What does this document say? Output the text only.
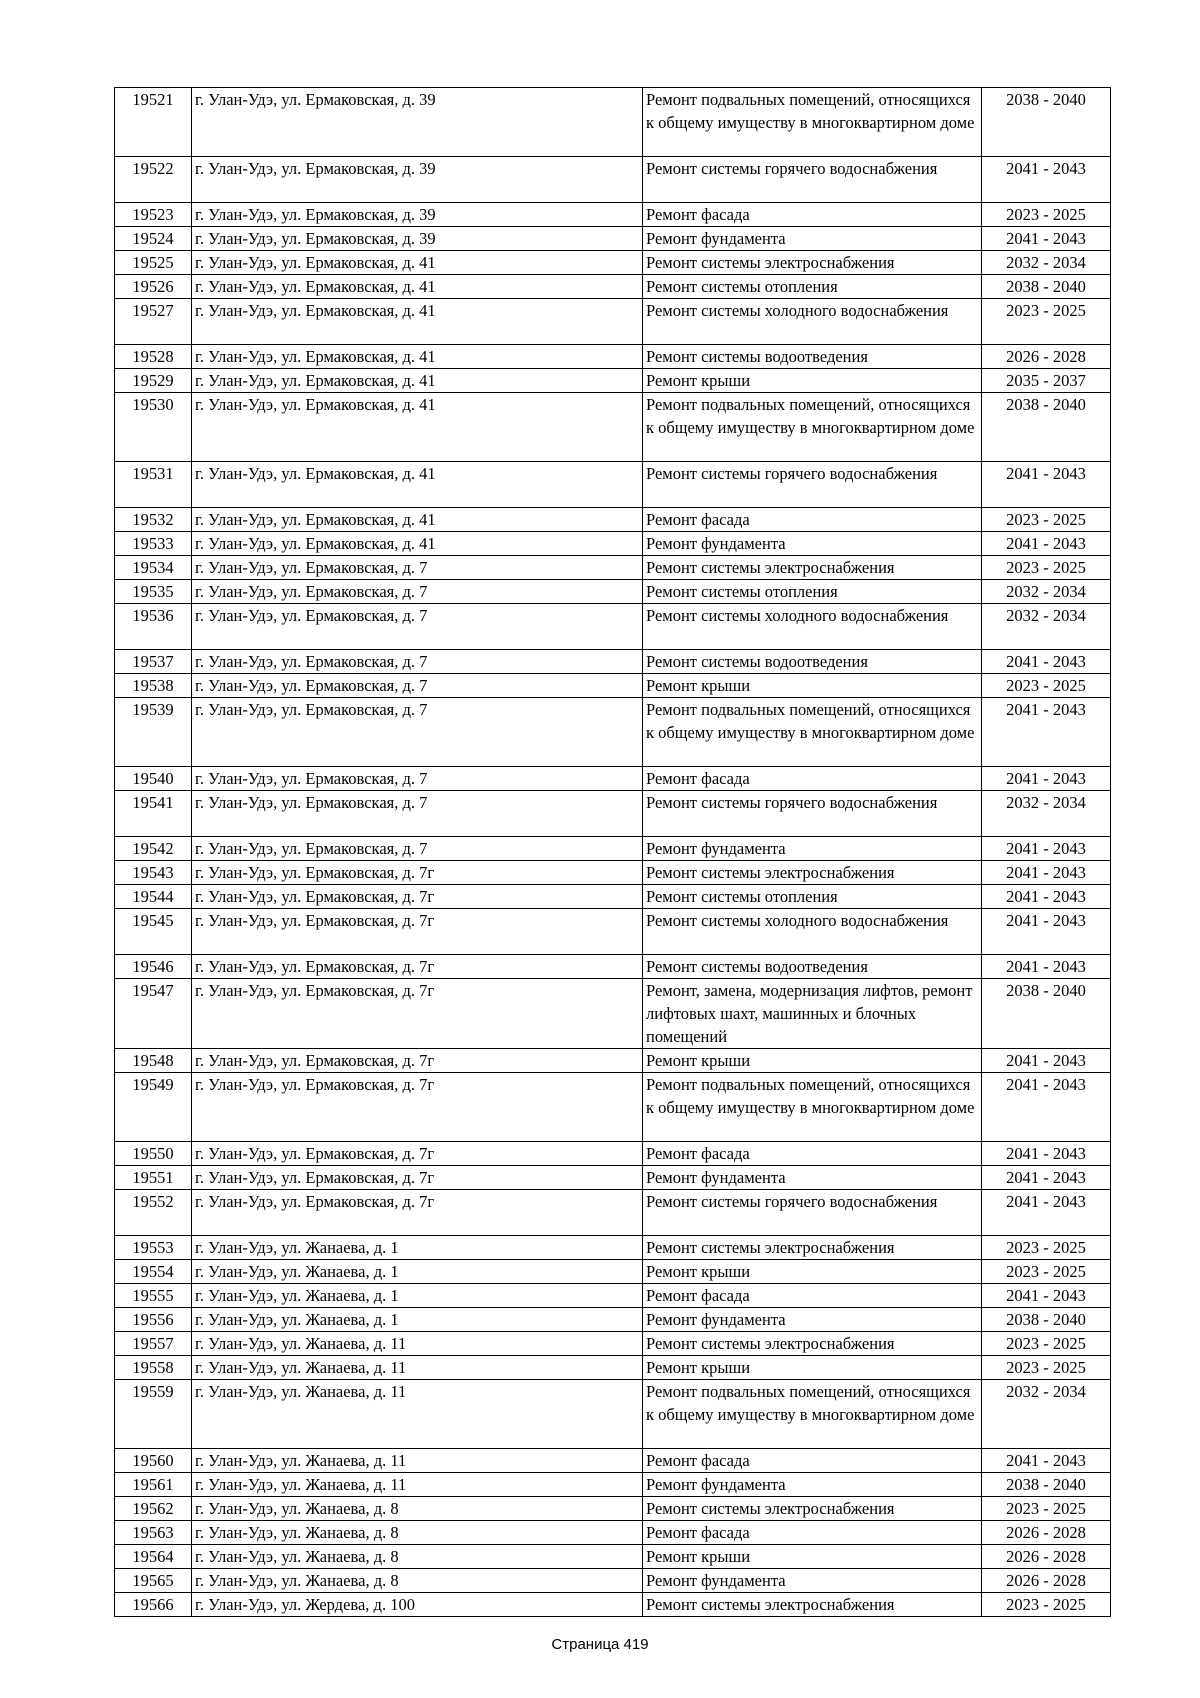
19521	г. Улан-Удэ, ул. Ермаковская, д. 39	Ремонт подвальных помещений, относящихся к общему имуществу в многоквартирном доме	2038 - 2040
19522	г. Улан-Удэ, ул. Ермаковская, д. 39	Ремонт системы горячего водоснабжения	2041 - 2043
19523	г. Улан-Удэ, ул. Ермаковская, д. 39	Ремонт фасада	2023 - 2025
19524	г. Улан-Удэ, ул. Ермаковская, д. 39	Ремонт фундамента	2041 - 2043
19525	г. Улан-Удэ, ул. Ермаковская, д. 41	Ремонт системы электроснабжения	2032 - 2034
19526	г. Улан-Удэ, ул. Ермаковская, д. 41	Ремонт системы отопления	2038 - 2040
19527	г. Улан-Удэ, ул. Ермаковская, д. 41	Ремонт системы холодного водоснабжения	2023 - 2025
19528	г. Улан-Удэ, ул. Ермаковская, д. 41	Ремонт системы водоотведения	2026 - 2028
19529	г. Улан-Удэ, ул. Ермаковская, д. 41	Ремонт крыши	2035 - 2037
19530	г. Улан-Удэ, ул. Ермаковская, д. 41	Ремонт подвальных помещений, относящихся к общему имуществу в многоквартирном доме	2038 - 2040
19531	г. Улан-Удэ, ул. Ермаковская, д. 41	Ремонт системы горячего водоснабжения	2041 - 2043
19532	г. Улан-Удэ, ул. Ермаковская, д. 41	Ремонт фасада	2023 - 2025
19533	г. Улан-Удэ, ул. Ермаковская, д. 41	Ремонт фундамента	2041 - 2043
19534	г. Улан-Удэ, ул. Ермаковская, д. 7	Ремонт системы электроснабжения	2023 - 2025
19535	г. Улан-Удэ, ул. Ермаковская, д. 7	Ремонт системы отопления	2032 - 2034
19536	г. Улан-Удэ, ул. Ермаковская, д. 7	Ремонт системы холодного водоснабжения	2032 - 2034
19537	г. Улан-Удэ, ул. Ермаковская, д. 7	Ремонт системы водоотведения	2041 - 2043
19538	г. Улан-Удэ, ул. Ермаковская, д. 7	Ремонт крыши	2023 - 2025
19539	г. Улан-Удэ, ул. Ермаковская, д. 7	Ремонт подвальных помещений, относящихся к общему имуществу в многоквартирном доме	2041 - 2043
19540	г. Улан-Удэ, ул. Ермаковская, д. 7	Ремонт фасада	2041 - 2043
19541	г. Улан-Удэ, ул. Ермаковская, д. 7	Ремонт системы горячего водоснабжения	2032 - 2034
19542	г. Улан-Удэ, ул. Ермаковская, д. 7	Ремонт фундамента	2041 - 2043
19543	г. Улан-Удэ, ул. Ермаковская, д. 7г	Ремонт системы электроснабжения	2041 - 2043
19544	г. Улан-Удэ, ул. Ермаковская, д. 7г	Ремонт системы отопления	2041 - 2043
19545	г. Улан-Удэ, ул. Ермаковская, д. 7г	Ремонт системы холодного водоснабжения	2041 - 2043
19546	г. Улан-Удэ, ул. Ермаковская, д. 7г	Ремонт системы водоотведения	2041 - 2043
19547	г. Улан-Удэ, ул. Ермаковская, д. 7г	Ремонт, замена, модернизация лифтов, ремонт лифтовых шахт, машинных и блочных помещений	2038 - 2040
19548	г. Улан-Удэ, ул. Ермаковская, д. 7г	Ремонт крыши	2041 - 2043
19549	г. Улан-Удэ, ул. Ермаковская, д. 7г	Ремонт подвальных помещений, относящихся к общему имуществу в многоквартирном доме	2041 - 2043
19550	г. Улан-Удэ, ул. Ермаковская, д. 7г	Ремонт фасада	2041 - 2043
19551	г. Улан-Удэ, ул. Ермаковская, д. 7г	Ремонт фундамента	2041 - 2043
19552	г. Улан-Удэ, ул. Ермаковская, д. 7г	Ремонт системы горячего водоснабжения	2041 - 2043
19553	г. Улан-Удэ, ул. Жанаева, д. 1	Ремонт системы электроснабжения	2023 - 2025
19554	г. Улан-Удэ, ул. Жанаева, д. 1	Ремонт крыши	2023 - 2025
19555	г. Улан-Удэ, ул. Жанаева, д. 1	Ремонт фасада	2041 - 2043
19556	г. Улан-Удэ, ул. Жанаева, д. 1	Ремонт фундамента	2038 - 2040
19557	г. Улан-Удэ, ул. Жанаева, д. 11	Ремонт системы электроснабжения	2023 - 2025
19558	г. Улан-Удэ, ул. Жанаева, д. 11	Ремонт крыши	2023 - 2025
19559	г. Улан-Удэ, ул. Жанаева, д. 11	Ремонт подвальных помещений, относящихся к общему имуществу в многоквартирном доме	2032 - 2034
19560	г. Улан-Удэ, ул. Жанаева, д. 11	Ремонт фасада	2041 - 2043
19561	г. Улан-Удэ, ул. Жанаева, д. 11	Ремонт фундамента	2038 - 2040
19562	г. Улан-Удэ, ул. Жанаева, д. 8	Ремонт системы электроснабжения	2023 - 2025
19563	г. Улан-Удэ, ул. Жанаева, д. 8	Ремонт фасада	2026 - 2028
19564	г. Улан-Удэ, ул. Жанаева, д. 8	Ремонт крыши	2026 - 2028
19565	г. Улан-Удэ, ул. Жанаева, д. 8	Ремонт фундамента	2026 - 2028
19566	г. Улан-Удэ, ул. Жердева, д. 100	Ремонт системы электроснабжения	2023 - 2025
Страница 419
